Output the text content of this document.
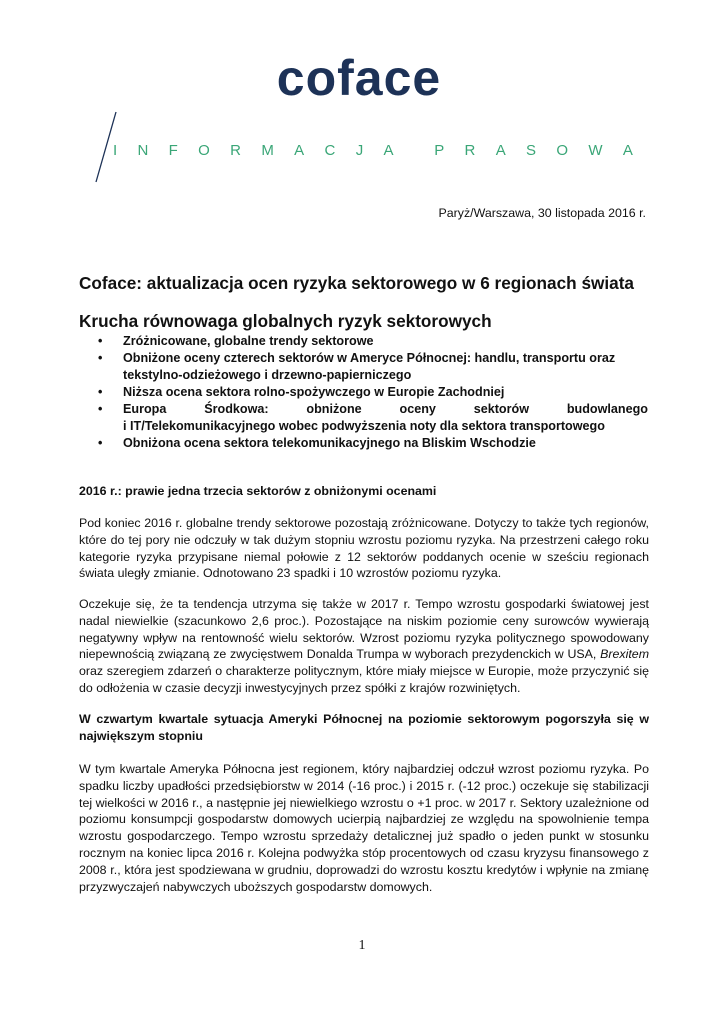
coface
I N F O R M A C J A	P R A S O W A
Paryż/Warszawa, 30 listopada 2016 r.
Coface: aktualizacja ocen ryzyka sektorowego w 6 regionach świata
Krucha równowaga globalnych ryzyk sektorowych
•	Zróżnicowane, globalne trendy sektorowe
•	Obniżone oceny czterech sektorów w Ameryce Północnej: handlu, transportu oraz
tekstylno-odzieżowego i drzewno-papierniczego
•	Niższa ocena sektora rolno-spożywczego w Europie Zachodniej
•	Europa Środkowa: obniżone oceny sektorów budowlanego
i IT/Telekomunikacyjnego wobec podwyższenia noty dla sektora transportowego
•	Obniżona ocena sektora telekomunikacyjnego na Bliskim Wschodzie
2016 r.: prawie jedna trzecia sektorów z obniżonymi ocenami

Pod koniec 2016 r. globalne trendy sektorowe pozostają zróżnicowane. Dotyczy to także tych regionów, które do tej pory nie odczuły w tak dużym stopniu wzrostu poziomu ryzyka. Na przestrzeni całego roku kategorie ryzyka przypisane niemal połowie z 12 sektorów poddanych ocenie w sześciu regionach świata uległy zmianie. Odnotowano 23 spadki i 10 wzrostów poziomu ryzyka.

Oczekuje się, że ta tendencja utrzyma się także w 2017 r. Tempo wzrostu gospodarki światowej jest nadal niewielkie (szacunkowo 2,6 proc.). Pozostające na niskim poziomie ceny surowców wywierają negatywny wpływ na rentowność wielu sektorów. Wzrost poziomu ryzyka politycznego spowodowany niepewnością związaną ze zwycięstwem Donalda Trumpa w wyborach prezydenckich w USA, Brexitem oraz szeregiem zdarzeń o charakterze politycznym, które miały miejsce w Europie, może przyczynić się do odłożenia w czasie decyzji inwestycyjnych przez spółki z krajów rozwiniętych.

W czwartym kwartale sytuacja Ameryki Północnej na poziomie sektorowym pogorszyła się w największym stopniu

W tym kwartale Ameryka Północna jest regionem, który najbardziej odczuł wzrost poziomu ryzyka. Po spadku liczby upadłości przedsiębiorstw w 2014 (-16 proc.) i 2015 r. (-12 proc.) oczekuje się stabilizacji tej wielkości w 2016 r., a następnie jej niewielkiego wzrostu o +1 proc. w 2017 r. Sektory uzależnione od poziomu konsumpcji gospodarstw domowych ucierpią najbardziej ze względu na spowolnienie tempa wzrostu gospodarczego. Tempo wzrostu sprzedaży detalicznej już spadło o jeden punkt w stosunku rocznym na koniec lipca 2016 r. Kolejna podwyżka stóp procentowych od czasu kryzysu finansowego z 2008 r., która jest spodziewana w grudniu, doprowadzi do wzrostu kosztu kredytów i wpłynie na zmianę przyzwyczajeń nabywczych uboższych gospodarstw domowych.

1
